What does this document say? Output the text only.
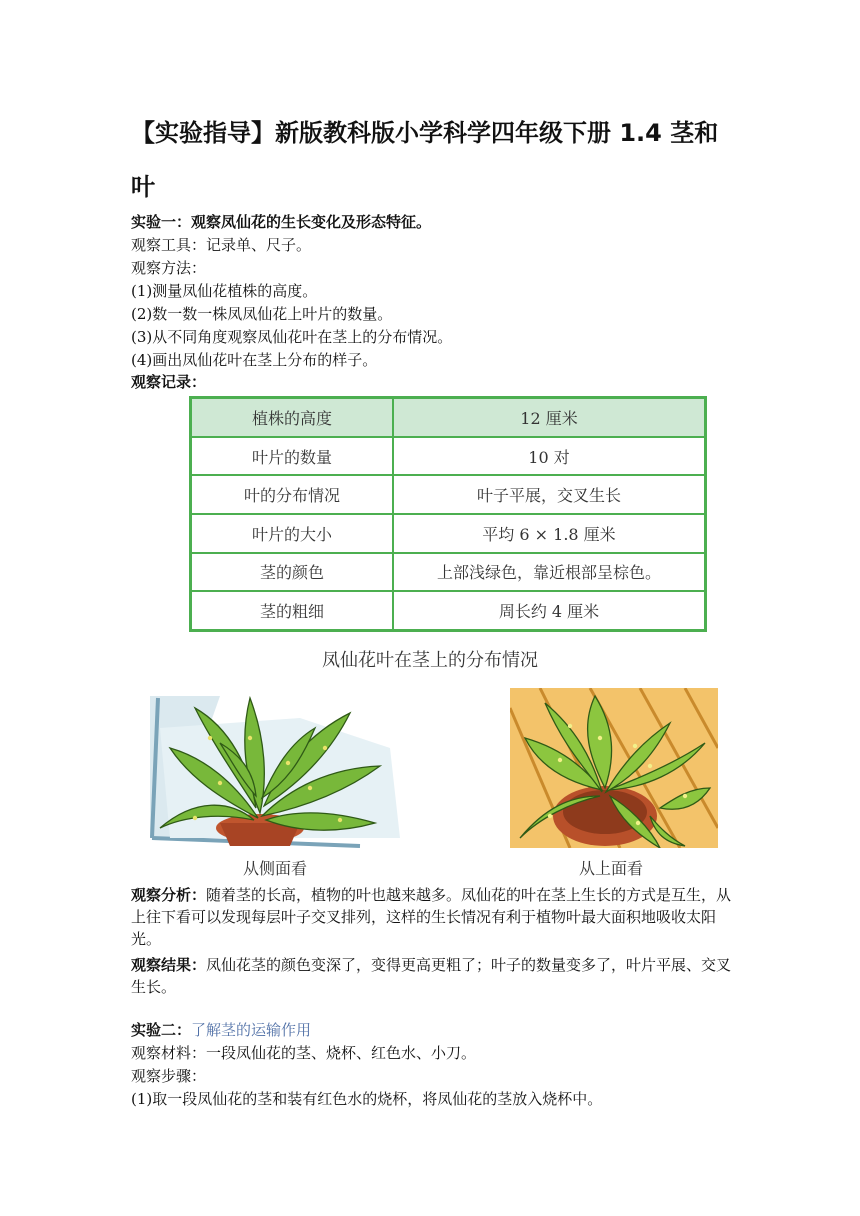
【实验指导】新版教科版小学科学四年级下册 1.4 茎和叶
实验一：观察凤仙花的生长变化及形态特征。
观察工具：记录单、尺子。
观察方法：
(1)测量凤仙花植株的高度。
(2)数一数一株凤凤仙花上叶片的数量。
(3)从不同角度观察凤仙花叶在茎上的分布情况。
(4)画出凤仙花叶在茎上分布的样子。
观察记录：
植株的高度	12 厘米
叶片的数量	10 对
叶的分布情况	叶子平展，交叉生长
叶片的大小	平均 6 × 1.8 厘米
茎的颜色	上部浅绿色，靠近根部呈棕色。
茎的粗细	周长约 4 厘米
凤仙花叶在茎上的分布情况
从侧面看	从上面看
观察分析：随着茎的长高，植物的叶也越来越多。凤仙花的叶在茎上生长的方式是互生，从上往下看可以发现每层叶子交叉排列，这样的生长情况有利于植物叶最大面积地吸收太阳光。
观察结果：凤仙花茎的颜色变深了，变得更高更粗了；叶子的数量变多了，叶片平展、交叉生长。
实验二：了解茎的运输作用
观察材料：一段凤仙花的茎、烧杯、红色水、小刀。
观察步骤：
(1)取一段凤仙花的茎和装有红色水的烧杯，将凤仙花的茎放入烧杯中。
